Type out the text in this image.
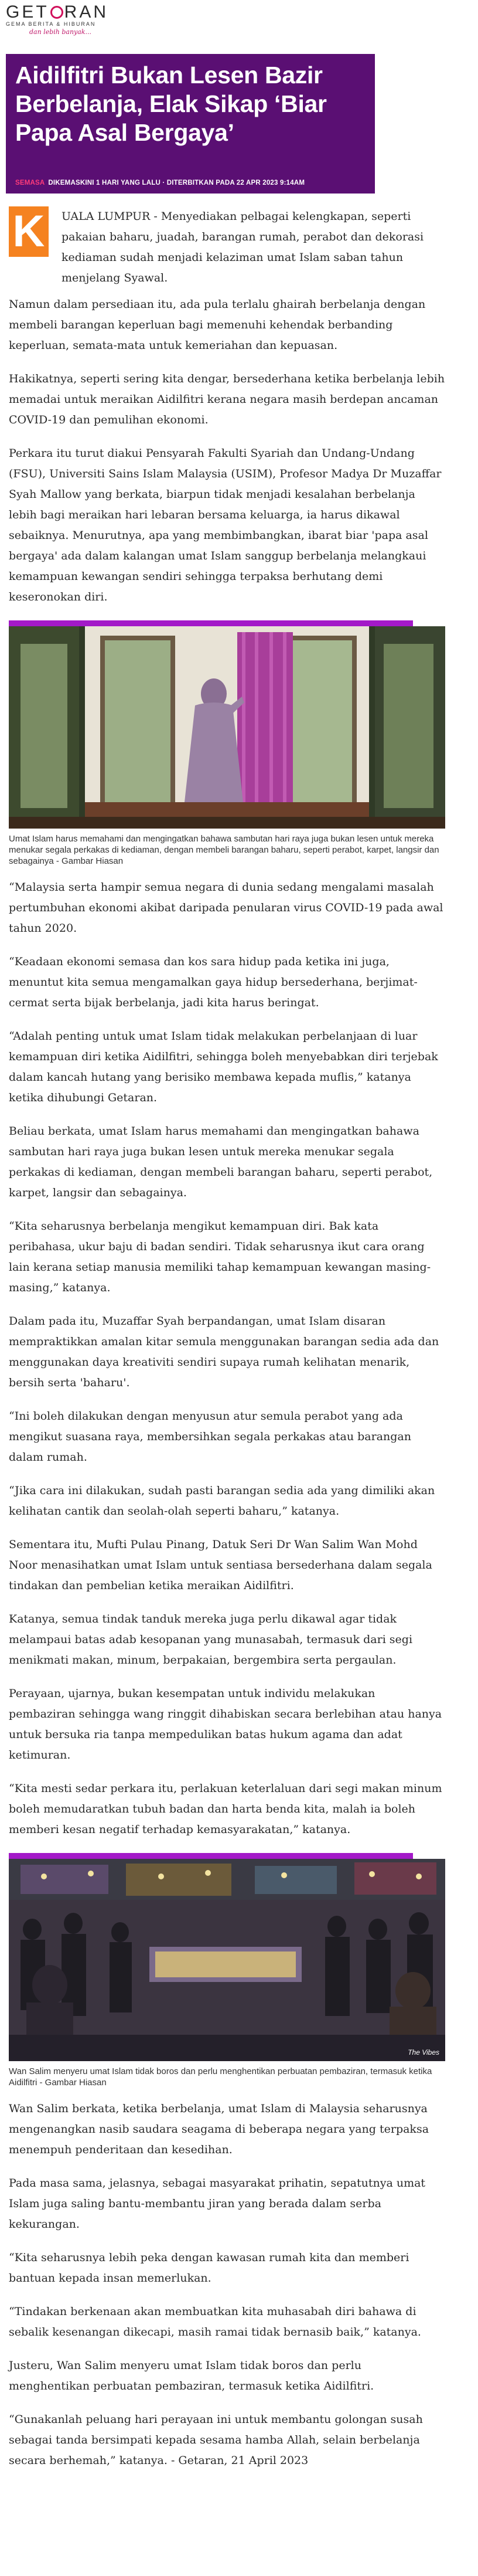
GET RAN
GEMA BERITA & HIBURAN
dan lebih banyak...
Aidilfitri Bukan Lesen Bazir Berbelanja, Elak Sikap ‘Biar Papa Asal Bergaya’
SEMASA DIKEMASKINI 1 HARI YANG LALU · DITERBITKAN PADA 22 APR 2023 9:14AM
K	UALA LUMPUR - Menyediakan pelbagai kelengkapan, seperti pakaian baharu, juadah, barangan rumah, perabot dan dekorasi kediaman sudah menjadi kelaziman umat Islam saban tahun menjelang Syawal.

Namun dalam persediaan itu, ada pula terlalu ghairah berbelanja dengan membeli barangan keperluan bagi memenuhi kehendak berbanding keperluan, semata-mata untuk kemeriahan dan kepuasan.

Hakikatnya, seperti sering kita dengar, bersederhana ketika berbelanja lebih memadai untuk meraikan Aidilfitri kerana negara masih berdepan ancaman COVID-19 dan pemulihan ekonomi.

Perkara itu turut diakui Pensyarah Fakulti Syariah dan Undang-Undang (FSU), Universiti Sains Islam Malaysia (USIM), Profesor Madya Dr Muzaffar Syah Mallow yang berkata, biarpun tidak menjadi kesalahan berbelanja lebih bagi meraikan hari lebaran bersama keluarga, ia harus dikawal sebaiknya. Menurutnya, apa yang membimbangkan, ibarat biar 'papa asal bergaya' ada dalam kalangan umat Islam sanggup berbelanja melangkaui kemampuan kewangan sendiri sehingga terpaksa berhutang demi keseronokan diri.

Umat Islam harus memahami dan mengingatkan bahawa sambutan hari raya juga bukan lesen untuk mereka menukar segala perkakas di kediaman, dengan membeli barangan baharu, seperti perabot, karpet, langsir dan sebagainya - Gambar Hiasan

“Malaysia serta hampir semua negara di dunia sedang mengalami masalah pertumbuhan ekonomi akibat daripada penularan virus COVID-19 pada awal tahun 2020.

“Keadaan ekonomi semasa dan kos sara hidup pada ketika ini juga, menuntut kita semua mengamalkan gaya hidup bersederhana, berjimat-cermat serta bijak berbelanja, jadi kita harus beringat.

“Adalah penting untuk umat Islam tidak melakukan perbelanjaan di luar kemampuan diri ketika Aidilfitri, sehingga boleh menyebabkan diri terjebak dalam kancah hutang yang berisiko membawa kepada muflis,” katanya ketika dihubungi Getaran.

Beliau berkata, umat Islam harus memahami dan mengingatkan bahawa sambutan hari raya juga bukan lesen untuk mereka menukar segala perkakas di kediaman, dengan membeli barangan baharu, seperti perabot, karpet, langsir dan sebagainya.

“Kita seharusnya berbelanja mengikut kemampuan diri. Bak kata peribahasa, ukur baju di badan sendiri. Tidak seharusnya ikut cara orang lain kerana setiap manusia memiliki tahap kemampuan kewangan masing-masing,” katanya.

Dalam pada itu, Muzaffar Syah berpandangan, umat Islam disaran mempraktikkan amalan kitar semula menggunakan barangan sedia ada dan menggunakan daya kreativiti sendiri supaya rumah kelihatan menarik, bersih serta 'baharu'.

“Ini boleh dilakukan dengan menyusun atur semula perabot yang ada mengikut suasana raya, membersihkan segala perkakas atau barangan dalam rumah.

“Jika cara ini dilakukan, sudah pasti barangan sedia ada yang dimiliki akan kelihatan cantik dan seolah-olah seperti baharu,” katanya.

Sementara itu, Mufti Pulau Pinang, Datuk Seri Dr Wan Salim Wan Mohd Noor menasihatkan umat Islam untuk sentiasa bersederhana dalam segala tindakan dan pembelian ketika meraikan Aidilfitri.

Katanya, semua tindak tanduk mereka juga perlu dikawal agar tidak melampaui batas adab kesopanan yang munasabah, termasuk dari segi menikmati makan, minum, berpakaian, bergembira serta pergaulan.

Perayaan, ujarnya, bukan kesempatan untuk individu melakukan pembaziran sehingga wang ringgit dihabiskan secara berlebihan atau hanya untuk bersuka ria tanpa mempedulikan batas hukum agama dan adat ketimuran.

“Kita mesti sedar perkara itu, perlakuan keterlaluan dari segi makan minum boleh memudaratkan tubuh badan dan harta benda kita, malah ia boleh memberi kesan negatif terhadap kemasyarakatan,” katanya.

The Vibes
Wan Salim menyeru umat Islam tidak boros dan perlu menghentikan perbuatan pembaziran, termasuk ketika Aidilfitri - Gambar Hiasan

Wan Salim berkata, ketika berbelanja, umat Islam di Malaysia seharusnya mengenangkan nasib saudara seagama di beberapa negara yang terpaksa menempuh penderitaan dan kesedihan.

Pada masa sama, jelasnya, sebagai masyarakat prihatin, sepatutnya umat Islam juga saling bantu-membantu jiran yang berada dalam serba kekurangan.

“Kita seharusnya lebih peka dengan kawasan rumah kita dan memberi bantuan kepada insan memerlukan.

“Tindakan berkenaan akan membuatkan kita muhasabah diri bahawa di sebalik kesenangan dikecapi, masih ramai tidak bernasib baik,” katanya.

Justeru, Wan Salim menyeru umat Islam tidak boros dan perlu menghentikan perbuatan pembaziran, termasuk ketika Aidilfitri.

“Gunakanlah peluang hari perayaan ini untuk membantu golongan susah sebagai tanda bersimpati kepada sesama hamba Allah, selain berbelanja secara berhemah,” katanya. - Getaran, 21 April 2023
